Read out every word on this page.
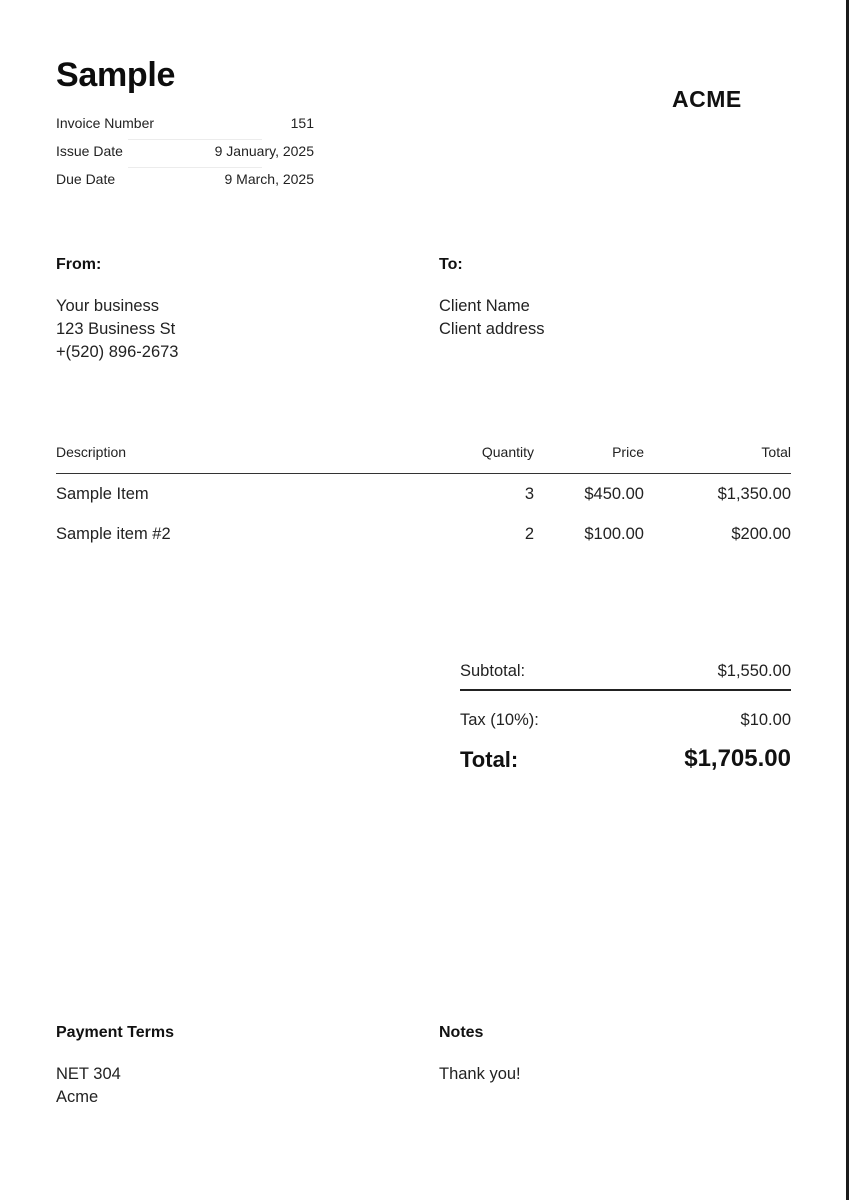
Sample
ACME
Invoice Number	151
Issue Date	9 January, 2025
Due Date	9 March, 2025
From:
Your business
123 Business St
+(520) 896-2673
To:
Client Name
Client address
Description	Quantity	Price	Total
Sample Item	3	$450.00	$1,350.00
Sample item #2	2	$100.00	$200.00
Subtotal:	$1,550.00
Tax (10%):	$10.00
Total:	$1,705.00
Payment Terms
NET 304
Acme
Notes
Thank you!
